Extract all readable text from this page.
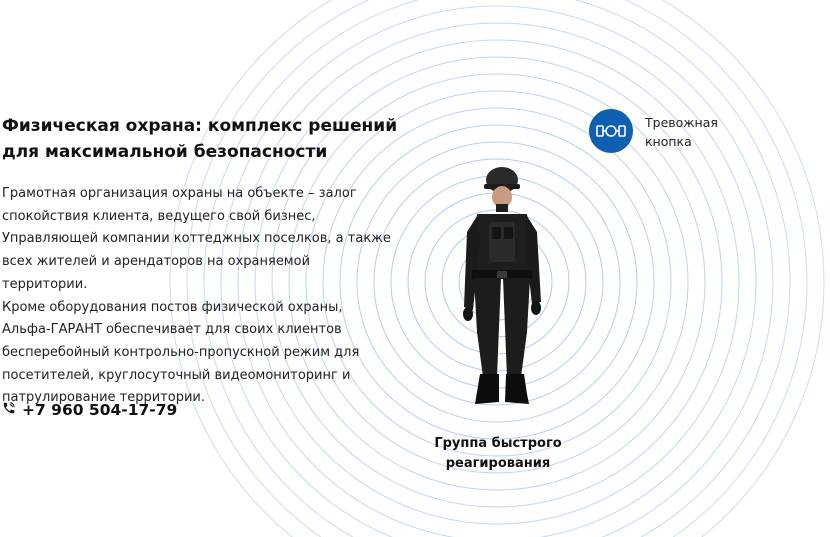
Физическая охрана: комплекс решений
для максимальной безопасности
Грамотная организация охраны на объекте – залог
спокойствия клиента, ведущего свой бизнес,
Управляющей компании коттеджных поселков, а также
всех жителей и арендаторов на охраняемой территории.
Кроме оборудования постов физической охраны,
Альфа-ГАРАНТ обеспечивает для своих клиентов
бесперебойный контрольно-пропускной режим для
посетителей, круглосуточный видеомониторинг и
патрулирование территории.
+7 960 504-17-79
Тревожная
кнопка
Группа быстрого
реагирования
